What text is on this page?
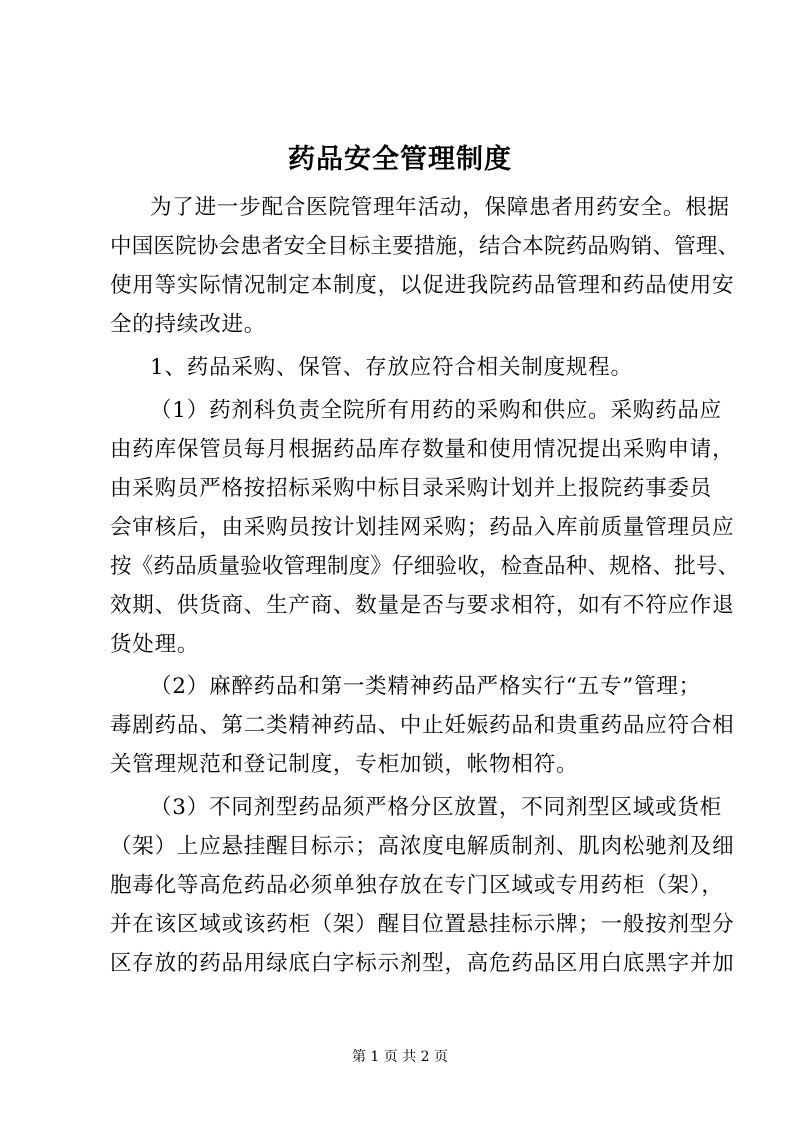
药品安全管理制度
为了进一步配合医院管理年活动，保障患者用药安全。根据
中国医院协会患者安全目标主要措施，结合本院药品购销、管理、
使用等实际情况制定本制度，以促进我院药品管理和药品使用安
全的持续改进。
1、药品采购、保管、存放应符合相关制度规程。
（1）药剂科负责全院所有用药的采购和供应。采购药品应
由药库保管员每月根据药品库存数量和使用情况提出采购申请，
由采购员严格按招标采购中标目录采购计划并上报院药事委员
会审核后，由采购员按计划挂网采购；药品入库前质量管理员应
按《药品质量验收管理制度》仔细验收，检查品种、规格、批号、
效期、供货商、生产商、数量是否与要求相符，如有不符应作退
货处理。
（2）麻醉药品和第一类精神药品严格实行“五专”管理；
毒剧药品、第二类精神药品、中止妊娠药品和贵重药品应符合相
关管理规范和登记制度，专柜加锁，帐物相符。
（3）不同剂型药品须严格分区放置，不同剂型区域或货柜
（架）上应悬挂醒目标示；高浓度电解质制剂、肌肉松驰剂及细
胞毒化等高危药品必须单独存放在专门区域或专用药柜（架），
并在该区域或该药柜（架）醒目位置悬挂标示牌；一般按剂型分
区存放的药品用绿底白字标示剂型，高危药品区用白底黑字并加
第 1 页 共 2 页
